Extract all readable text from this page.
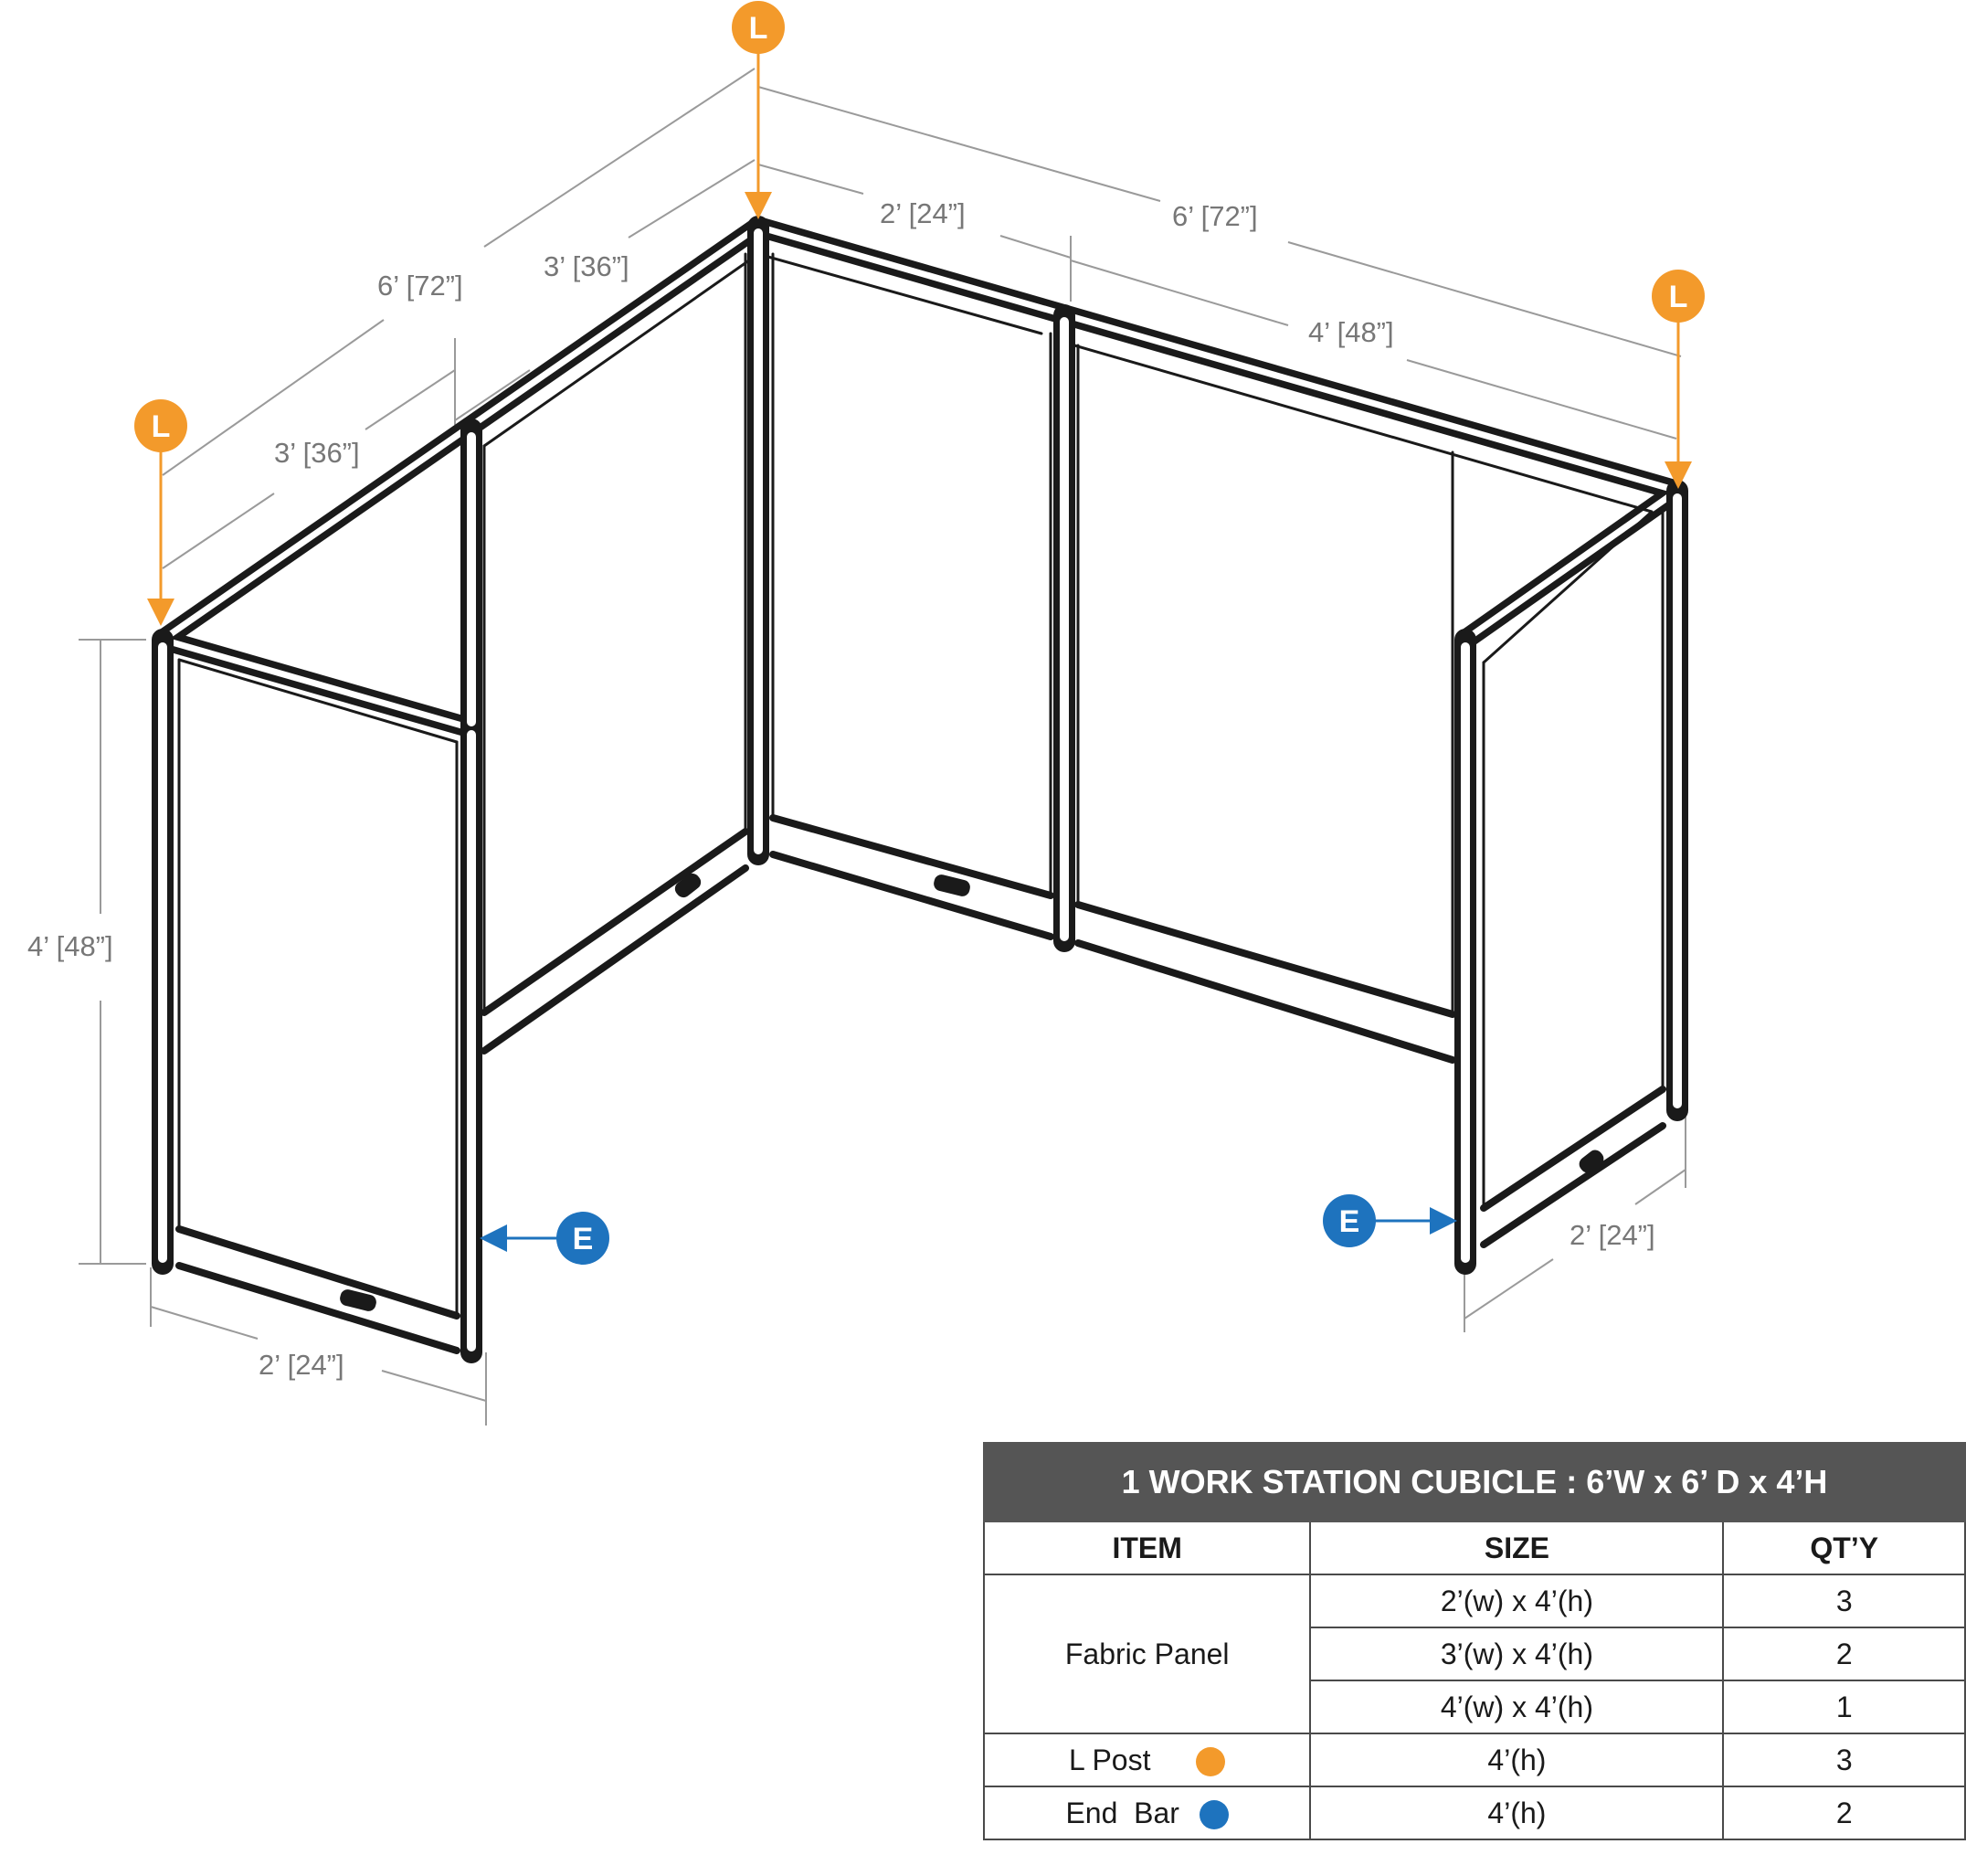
6’ [72”]
3’ [36”]
3’ [36”]
6’ [72”]
2’ [24”]
4’ [48”]
4’ [48”]
2’ [24”]
2’ [24”]
L
L
L
E	E
1 WORK STATION CUBICLE : 6’W x 6’ D x 4’H		
ITEM	SIZE	QT’Y
Fabric Panel	2’(w) x 4’(h)	3
	3’(w) x 4’(h)	2
	4’(w) x 4’(h)	1
L Post	4’(h)	3
End  Bar	4’(h)	2
